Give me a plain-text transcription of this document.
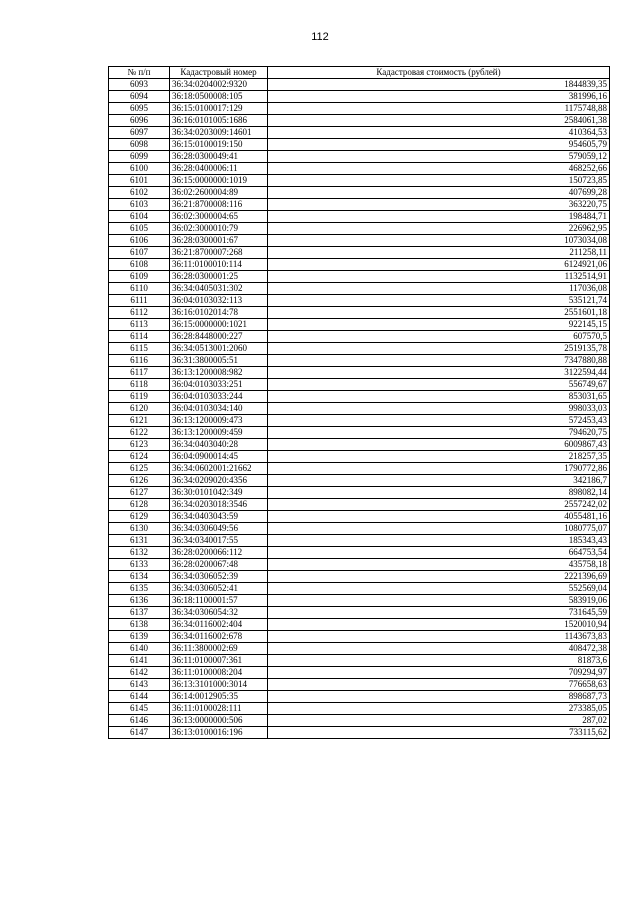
112
№ п/п	Кадастровый номер	Кадастровая стоимость (рублей)
6093	36:34:0204002:9320	1844839,35
6094	36:18:0500008:105	381996,16
6095	36:15:0100017:129	1175748,88
6096	36:16:0101005:1686	2584061,38
6097	36:34:0203009:14601	410364,53
6098	36:15:0100019:150	954605,79
6099	36:28:0300049:41	579059,12
6100	36:28:0400006:11	468252,66
6101	36:15:0000000:1019	150723,85
6102	36:02:2600004:89	407699,28
6103	36:21:8700008:116	363220,75
6104	36:02:3000004:65	198484,71
6105	36:02:3000010:79	226962,95
6106	36:28:0300001:67	1073034,08
6107	36:21:8700007:268	211258,11
6108	36:11:0100010:114	6124921,06
6109	36:28:0300001:25	1132514,91
6110	36:34:0405031:302	117036,08
6111	36:04:0103032:113	535121,74
6112	36:16:0102014:78	2551601,18
6113	36:15:0000000:1021	922145,15
6114	36:28:8448000:227	607570,5
6115	36:34:0513001:2060	2519135,78
6116	36:31:3800005:51	7347880,88
6117	36:13:1200008:982	3122594,44
6118	36:04:0103033:251	556749,67
6119	36:04:0103033:244	853031,65
6120	36:04:0103034:140	998033,03
6121	36:13:1200009:473	572453,43
6122	36:13:1200009:459	794620,75
6123	36:34:0403040:28	6009867,43
6124	36:04:0900014:45	218257,35
6125	36:34:0602001:21662	1790772,86
6126	36:34:0209020:4356	342186,7
6127	36:30:0101042:349	898082,14
6128	36:34:0203018:3546	2557242,02
6129	36:34:0403043:59	4055481,16
6130	36:34:0306049:56	1080775,07
6131	36:34:0340017:55	185343,43
6132	36:28:0200066:112	664753,54
6133	36:28:0200067:48	435758,18
6134	36:34:0306052:39	2221396,69
6135	36:34:0306052:41	552569,04
6136	36:18:1100001:57	583919,06
6137	36:34:0306054:32	731645,59
6138	36:34:0116002:404	1520010,94
6139	36:34:0116002:678	1143673,83
6140	36:11:3800002:69	408472,38
6141	36:11:0100007:361	81873,6
6142	36:11:0100008:204	709294,97
6143	36:13:3101000:3014	776658,63
6144	36:14:0012905:35	898687,73
6145	36:11:0100028:111	273385,05
6146	36:13:0000000:506	287,02
6147	36:13:0100016:196	733115,62
